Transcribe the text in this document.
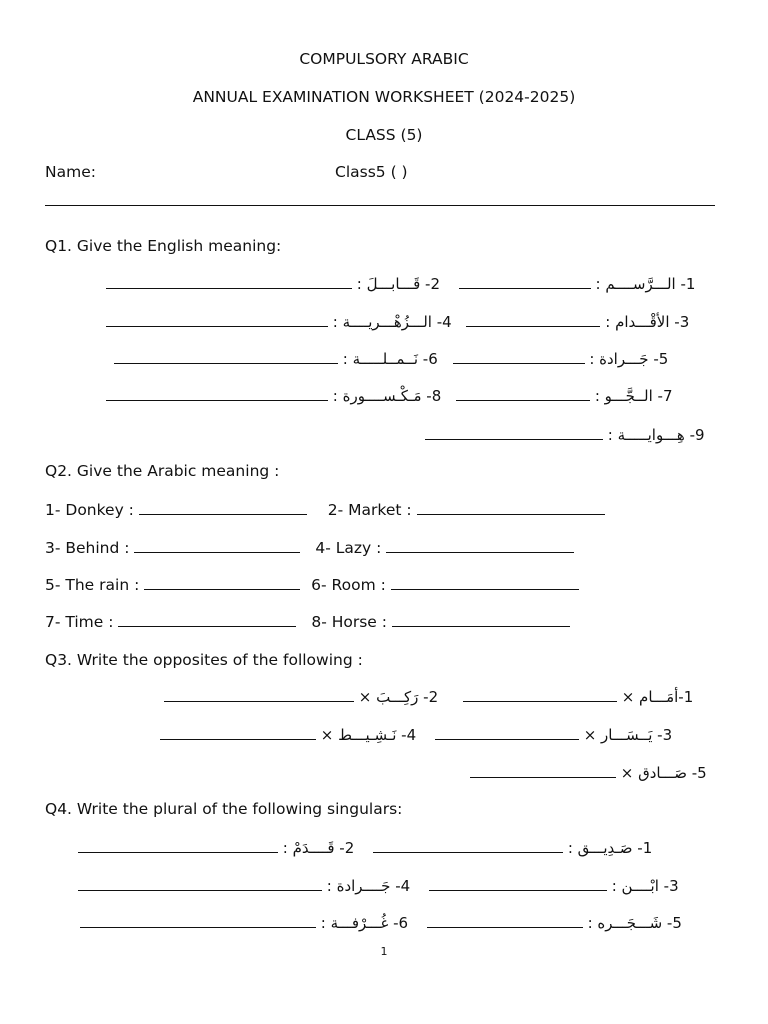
COMPULSORY ARABIC
ANNUAL EXAMINATION WORKSHEET (2024-2025)
CLASS (5)
Name:	Class5 ( )
Q1. Give the English meaning:
2- قَـــابـــلَ :	1- الـــرَّســــم :
4- الـــزُهْـــريــــة :	3- الأقْـــدام :
6- نَــمــلـــــة :	5- جَـــرادة :
8- مَـكْـســــورة :	7- الــجَّـــو :
9- هِـــوايـــــة :
Q2. Give the Arabic meaning :
1- Donkey :	2- Market :
3- Behind :	4- Lazy :
5- The rain :	6- Room :
7- Time :	8- Horse :
Q3. Write the opposites of the following :
2- رَكِـــبَ ×	1-أمَـــام ×
4- نَـشِـيـــط ×	3- يَــسَـــار ×
5- صَـــادق ×
Q4. Write the plural of the following singulars:
2- قَــــدَمْ :	1- صَـدِيـــق :
4- جَــــرادة :	3- ابْــــن :
6- غُـــرْفـــة :	5- شَـــجَـــره :
1
